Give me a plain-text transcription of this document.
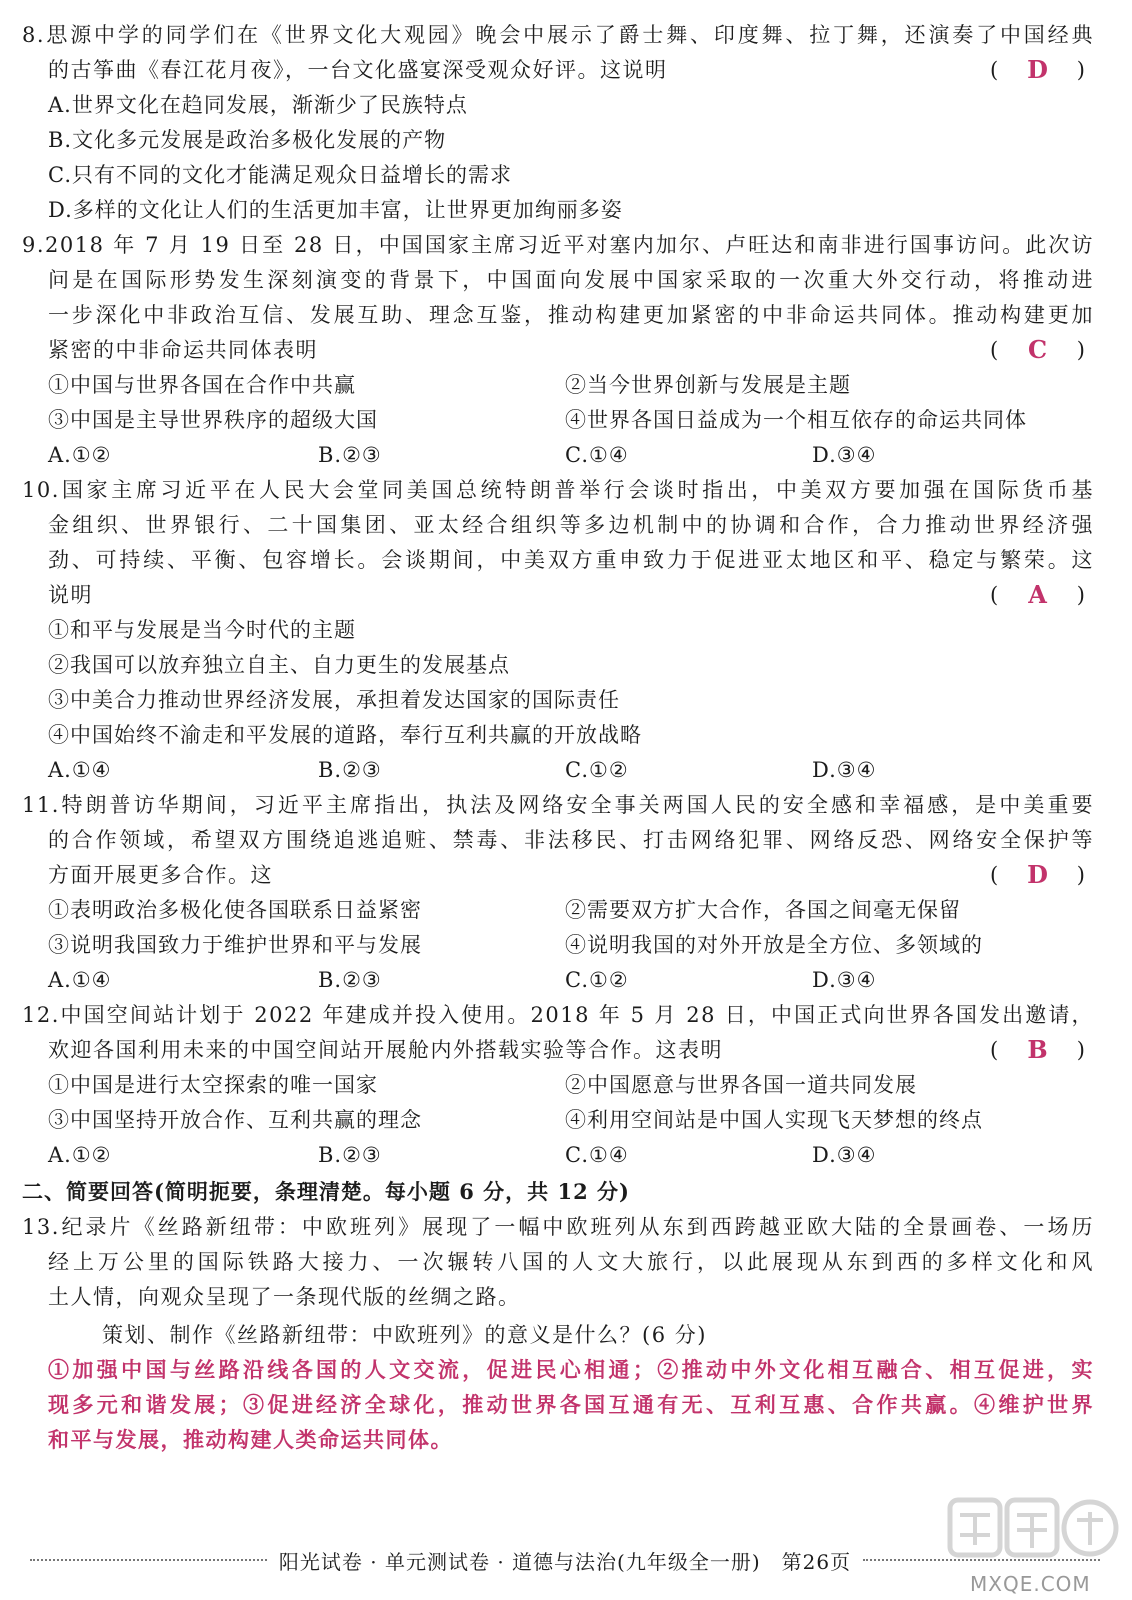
8.思源中学的同学们在《世界文化大观园》晚会中展示了爵士舞、印度舞、拉丁舞，还演奏了中国经典
的古筝曲《春江花月夜》，一台文化盛宴深受观众好评。这说明	( D )
A.世界文化在趋同发展，渐渐少了民族特点
B.文化多元发展是政治多极化发展的产物
C.只有不同的文化才能满足观众日益增长的需求
D.多样的文化让人们的生活更加丰富，让世界更加绚丽多姿
9.2018 年 7 月 19 日至 28 日，中国国家主席习近平对塞内加尔、卢旺达和南非进行国事访问。此次访
问是在国际形势发生深刻演变的背景下，中国面向发展中国家采取的一次重大外交行动，将推动进
一步深化中非政治互信、发展互助、理念互鉴，推动构建更加紧密的中非命运共同体。推动构建更加
紧密的中非命运共同体表明	( C )
①中国与世界各国在合作中共赢	②当今世界创新与发展是主题
③中国是主导世界秩序的超级大国	④世界各国日益成为一个相互依存的命运共同体
A.①②	B.②③	C.①④	D.③④
10.国家主席习近平在人民大会堂同美国总统特朗普举行会谈时指出，中美双方要加强在国际货币基
金组织、世界银行、二十国集团、亚太经合组织等多边机制中的协调和合作，合力推动世界经济强
劲、可持续、平衡、包容增长。会谈期间，中美双方重申致力于促进亚太地区和平、稳定与繁荣。这
说明	( A )
①和平与发展是当今时代的主题
②我国可以放弃独立自主、自力更生的发展基点
③中美合力推动世界经济发展，承担着发达国家的国际责任
④中国始终不渝走和平发展的道路，奉行互利共赢的开放战略
A.①④	B.②③	C.①②	D.③④
11.特朗普访华期间，习近平主席指出，执法及网络安全事关两国人民的安全感和幸福感，是中美重要
的合作领域，希望双方围绕追逃追赃、禁毒、非法移民、打击网络犯罪、网络反恐、网络安全保护等
方面开展更多合作。这	( D )
①表明政治多极化使各国联系日益紧密	②需要双方扩大合作，各国之间毫无保留
③说明我国致力于维护世界和平与发展	④说明我国的对外开放是全方位、多领域的
A.①④	B.②③	C.①②	D.③④
12.中国空间站计划于 2022 年建成并投入使用。2018 年 5 月 28 日，中国正式向世界各国发出邀请，
欢迎各国利用未来的中国空间站开展舱内外搭载实验等合作。这表明	( B )
①中国是进行太空探索的唯一国家	②中国愿意与世界各国一道共同发展
③中国坚持开放合作、互利共赢的理念	④利用空间站是中国人实现飞天梦想的终点
A.①②	B.②③	C.①④	D.③④
二、简要回答(简明扼要，条理清楚。每小题 6 分，共 12 分)
13.纪录片《丝路新纽带：中欧班列》展现了一幅中欧班列从东到西跨越亚欧大陆的全景画卷、一场历
经上万公里的国际铁路大接力、一次辗转八国的人文大旅行，以此展现从东到西的多样文化和风
土人情，向观众呈现了一条现代版的丝绸之路。
策划、制作《丝路新纽带：中欧班列》的意义是什么？(6 分)
①加强中国与丝路沿线各国的人文交流，促进民心相通；②推动中外文化相互融合、相互促进，实
现多元和谐发展；③促进经济全球化，推动世界各国互通有无、互利互惠、合作共赢。④维护世界
和平与发展，推动构建人类命运共同体。
阳光试卷 · 单元测试卷 · 道德与法治(九年级全一册)　第26页
MXQE.COM
